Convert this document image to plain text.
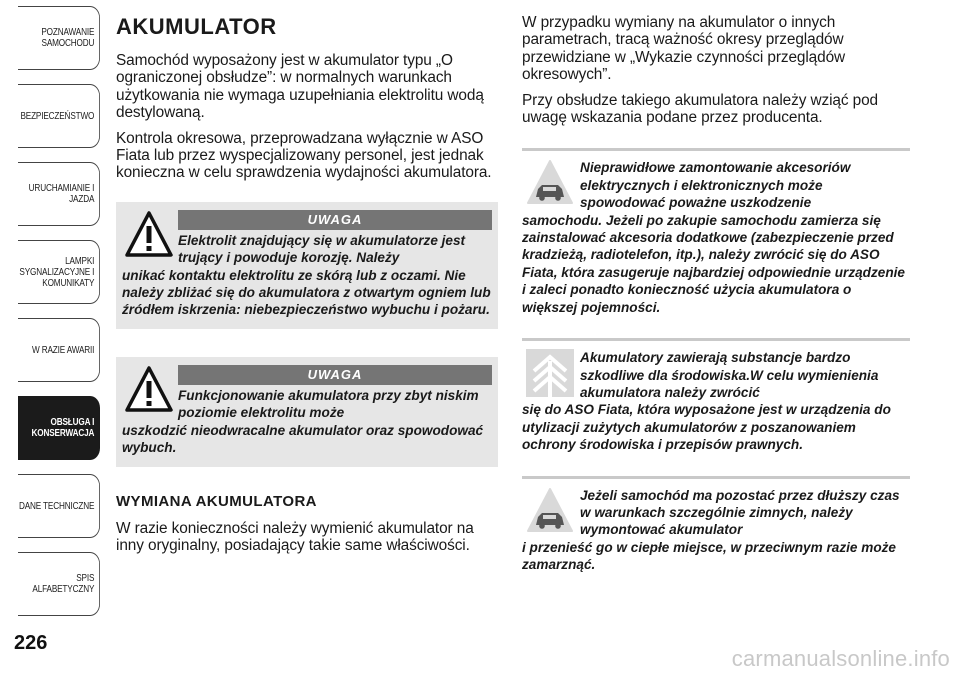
POZNAWANIE SAMOCHODU
BEZPIECZEŃSTWO
URUCHAMIANIE I JAZDA
LAMPKI SYGNALIZACYJNE I KOMUNIKATY
W RAZIE AWARII
OBSŁUGA I KONSERWACJA
DANE TECHNICZNE
SPIS ALFABETYCZNY
226
carmanualsonline.info
AKUMULATOR

Samochód wyposażony jest w akumulator typu „O ograniczonej obsłudze”: w normalnych warunkach użytkowania nie wymaga uzupełniania elektrolitu wodą destylowaną.

Kontrola okresowa, przeprowadzana wyłącznie w ASO Fiata lub przez wyspecjalizowany personel, jest jednak konieczna w celu sprawdzenia wydajności akumulatora.

UWAGA
Elektrolit znajdujący się w akumulatorze jest trujący i powoduje korozję. Należy
unikać kontaktu elektrolitu ze skórą lub z oczami. Nie należy zbliżać się do akumulatora z otwartym ogniem lub źródłem iskrzenia: niebezpieczeństwo wybuchu i pożaru.
UWAGA
Funkcjonowanie akumulatora przy zbyt niskim poziomie elektrolitu może
uszkodzić nieodwracalne akumulator oraz spowodować wybuch.
WYMIANA AKUMULATORA

W razie konieczności należy wymienić akumulator na inny oryginalny, posiadający takie same właściwości.

W przypadku wymiany na akumulator o innych parametrach, tracą ważność okresy przeglądów przewidziane w „Wykazie czynności przeglądów okresowych”.

Przy obsłudze takiego akumulatora należy wziąć pod uwagę wskazania podane przez producenta.

Nieprawidłowe zamontowanie akcesoriów elektrycznych i elektronicznych może spowodować poważne uszkodzenie
samochodu. Jeżeli po zakupie samochodu zamierza się zainstalować akcesoria dodatkowe (zabezpieczenie przed kradzieżą, radiotelefon, itp.), należy zwrócić się do ASO Fiata, która zasugeruje najbardziej odpowiednie urządzenie i zaleci ponadto konieczność użycia akumulatora o większej pojemności.
Akumulatory zawierają substancje bardzo szkodliwe dla środowiska.W celu wymienienia akumulatora należy zwrócić
się do ASO Fiata, która wyposażone jest w urządzenia do utylizacji zużytych akumulatorów z poszanowaniem ochrony środowiska i przepisów prawnych.
Jeżeli samochód ma pozostać przez dłuższy czas w warunkach szczególnie zimnych, należy wymontować akumulator
i przenieść go w ciepłe miejsce, w przeciwnym razie może zamarznąć.
